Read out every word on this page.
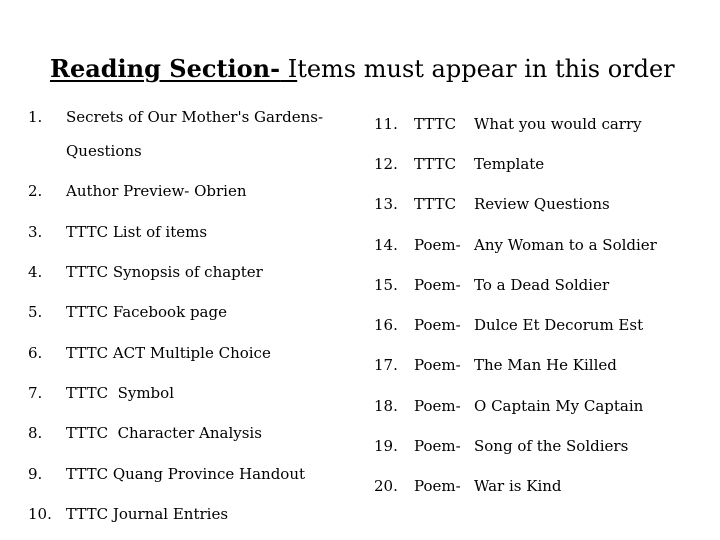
Reading Section- Items must appear in this order
1. Secrets of Our Mother's Gardens-
Questions
2. Author Preview- Obrien
3. TTTC List of items
4. TTTC Synopsis of chapter
5. TTTC Facebook page
6. TTTC ACT Multiple Choice
7. TTTC  Symbol
8. TTTC  Character Analysis
9. TTTC Quang Province Handout
10. TTTC Journal Entries
11. TTTC What you would carry
12. TTTC Template
13. TTTC Review Questions
14. Poem- Any Woman to a Soldier
15. Poem- To a Dead Soldier
16. Poem- Dulce Et Decorum Est
17. Poem- The Man He Killed
18. Poem- O Captain My Captain
19. Poem- Song of the Soldiers
20. Poem- War is Kind
